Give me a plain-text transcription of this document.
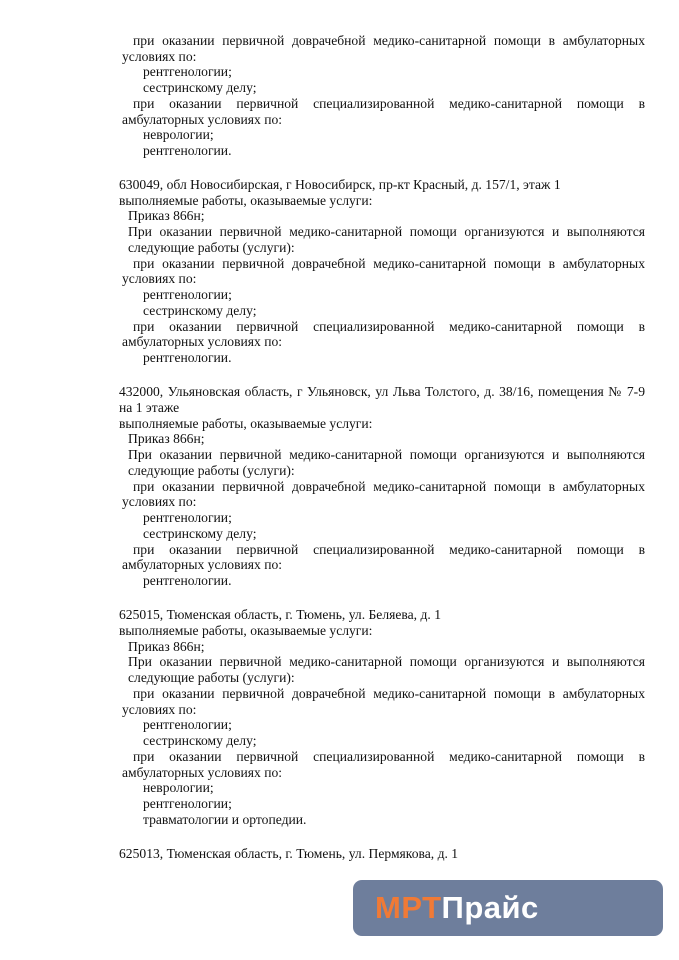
при оказании первичной доврачебной медико-санитарной помощи в амбулаторных
условиях по:
рентгенологии;
сестринскому делу;
при оказании первичной специализированной медико-санитарной помощи в
амбулаторных условиях по:
неврологии;
рентгенологии.
630049, обл Новосибирская, г Новосибирск, пр-кт Красный, д. 157/1, этаж 1
выполняемые работы, оказываемые услуги:
Приказ 866н;
При оказании первичной медико-санитарной помощи организуются и выполняются
следующие работы (услуги):
при оказании первичной доврачебной медико-санитарной помощи в амбулаторных
условиях по:
рентгенологии;
сестринскому делу;
при оказании первичной специализированной медико-санитарной помощи в
амбулаторных условиях по:
рентгенологии.
432000, Ульяновская область, г Ульяновск, ул Льва Толстого, д. 38/16, помещения № 7-9
на 1 этаже
выполняемые работы, оказываемые услуги:
Приказ 866н;
При оказании первичной медико-санитарной помощи организуются и выполняются
следующие работы (услуги):
при оказании первичной доврачебной медико-санитарной помощи в амбулаторных
условиях по:
рентгенологии;
сестринскому делу;
при оказании первичной специализированной медико-санитарной помощи в
амбулаторных условиях по:
рентгенологии.
625015, Тюменская область, г. Тюмень, ул. Беляева, д. 1
выполняемые работы, оказываемые услуги:
Приказ 866н;
При оказании первичной медико-санитарной помощи организуются и выполняются
следующие работы (услуги):
при оказании первичной доврачебной медико-санитарной помощи в амбулаторных
условиях по:
рентгенологии;
сестринскому делу;
при оказании первичной специализированной медико-санитарной помощи в
амбулаторных условиях по:
неврологии;
рентгенологии;
травматологии и ортопедии.
625013, Тюменская область, г. Тюмень, ул. Пермякова, д. 1
МРТ Прайс
